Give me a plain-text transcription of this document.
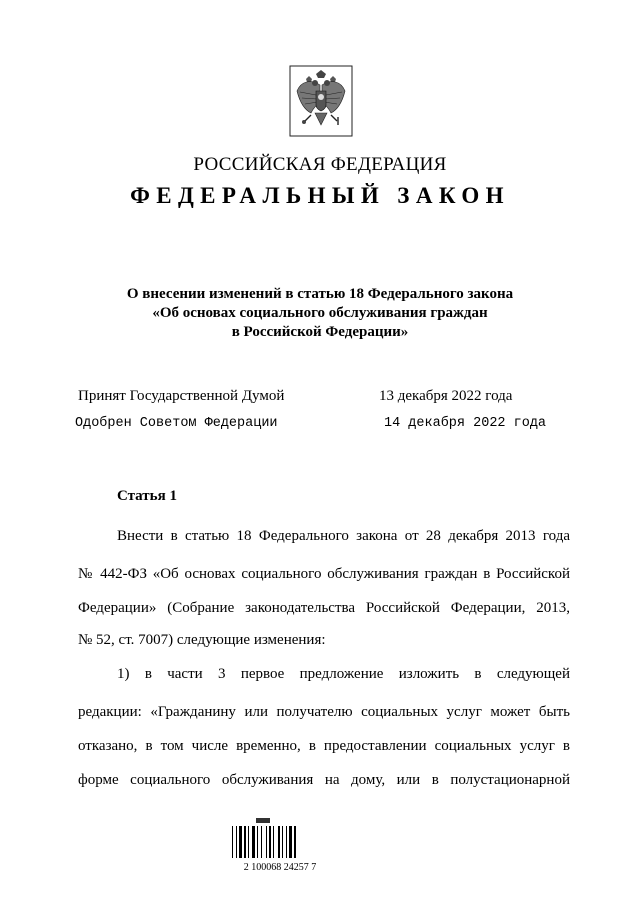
РОССИЙСКАЯ ФЕДЕРАЦИЯ
ФЕДЕРАЛЬНЫЙ ЗАКОН
О внесении изменений в статью 18 Федерального закона
«Об основах социального обслуживания граждан
в Российской Федерации»
Принят Государственной Думой	13 декабря 2022 года
Одобрен Советом Федерации	14 декабря 2022 года
Статья 1
Внести в статью 18 Федерального закона от 28 декабря 2013 года
№ 442-ФЗ «Об основах социального обслуживания граждан в Российской
Федерации» (Собрание законодательства Российской Федерации, 2013,
№ 52, ст. 7007) следующие изменения:
1) в части 3 первое предложение изложить в следующей
редакции: «Гражданину или получателю социальных услуг может быть
отказано, в том числе временно, в предоставлении социальных услуг в
форме социального обслуживания на дому, или в полустационарной
2 100068 24257 7
